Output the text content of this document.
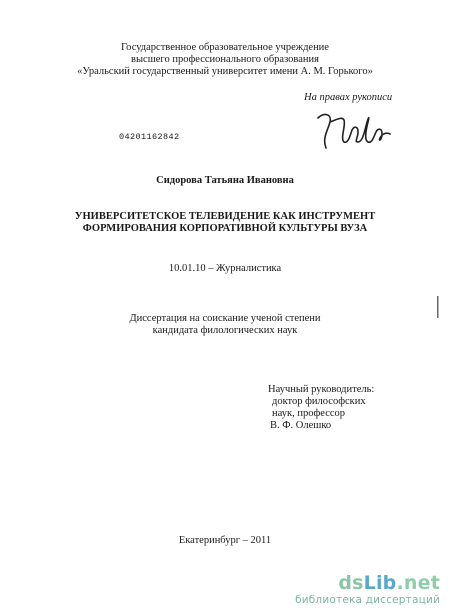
Государственное образовательное учреждение
высшего профессионального образования
«Уральский государственный университет имени А. М. Горького»
На правах рукописи
04201162842
Сидорова Татьяна Ивановна
УНИВЕРСИТЕТСКОЕ ТЕЛЕВИДЕНИЕ КАК ИНСТРУМЕНТ
ФОРМИРОВАНИЯ КОРПОРАТИВНОЙ КУЛЬТУРЫ ВУЗА
10.01.10 – Журналистика
Диссертация на соискание ученой степени
кандидата филологических наук
Научный руководитель:
доктор философских
наук, профессор
В. Ф. Олешко
Екатеринбург – 2011
dsLib.net
библиотека диссертаций
